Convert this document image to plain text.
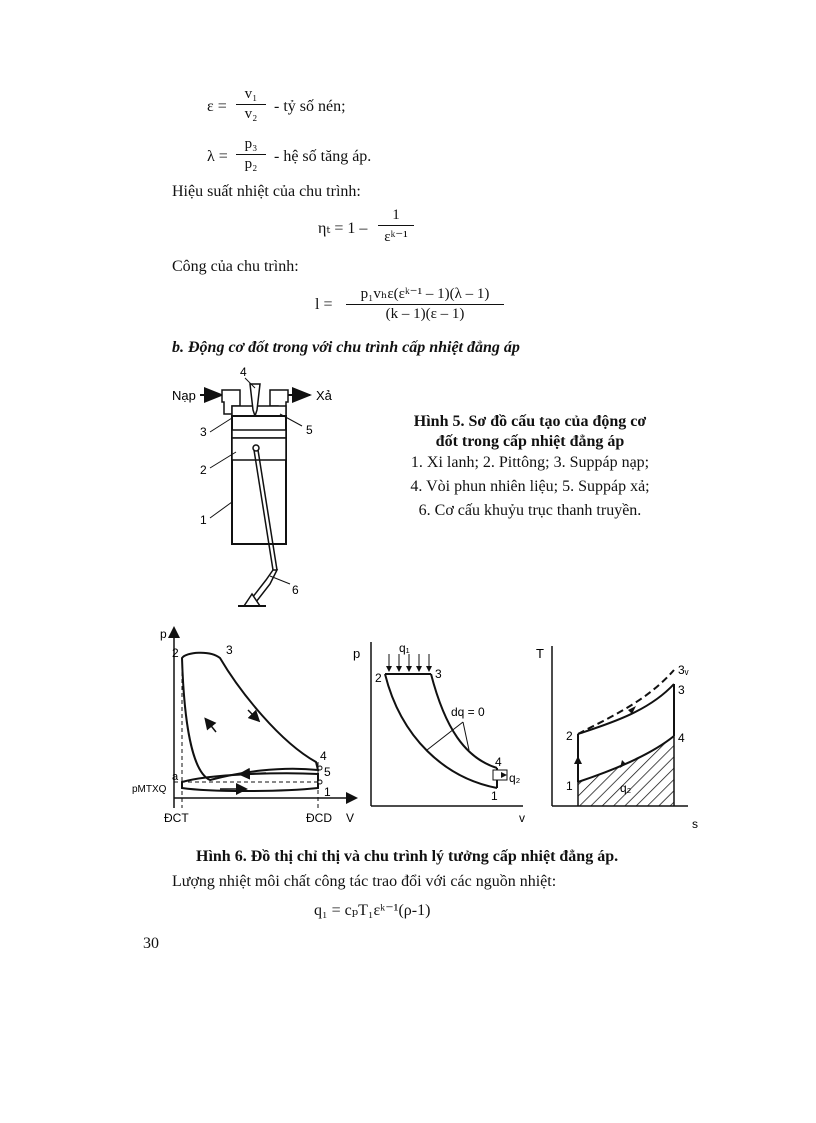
$\varepsilon = \frac{\text{v₁}}{\text{v₂}}$ - tỷ số nén;
$\lambda = \frac{\text{p₃}}{\text{p₂}}$ - hệ số tăng áp.
Hiệu suất nhiệt của chu trình:
$\eta_t = 1 - \frac{1}{\text{εᵏ⁻¹}}$
Công của chu trình:
l =
p₁vₕε(εᵏ⁻¹ – 1)(λ – 1)
(k – 1)(ε – 1)
b. Động cơ đốt trong với chu trình cấp nhiệt đẳng áp
Nạp	Xả
4
3	5
2
1
6
Hình 5. Sơ đồ cấu tạo của động cơ
đốt trong cấp nhiệt đẳng áp
1. Xi lanh; 2. Pittông; 3. Suppáp nạp;
4. Vòi phun nhiên liệu; 5. Suppáp xả;
6. Cơ cấu khuỷu trục thanh truyền.
p
V
2	3
4
5
1
a
pMTXQ
ĐCT	ĐCD
p
v
q₁
2	3
4
1
q₂
dq = 0
T
s
1
2
3
3ᵥ
4
q₂
Hình 6. Đồ thị chỉ thị và chu trình lý tưởng cấp nhiệt đẳng áp.
Lượng nhiệt môi chất công tác trao đổi với các nguồn nhiệt:
q₁ = cₚT₁εᵏ⁻¹(ρ-1)
30
